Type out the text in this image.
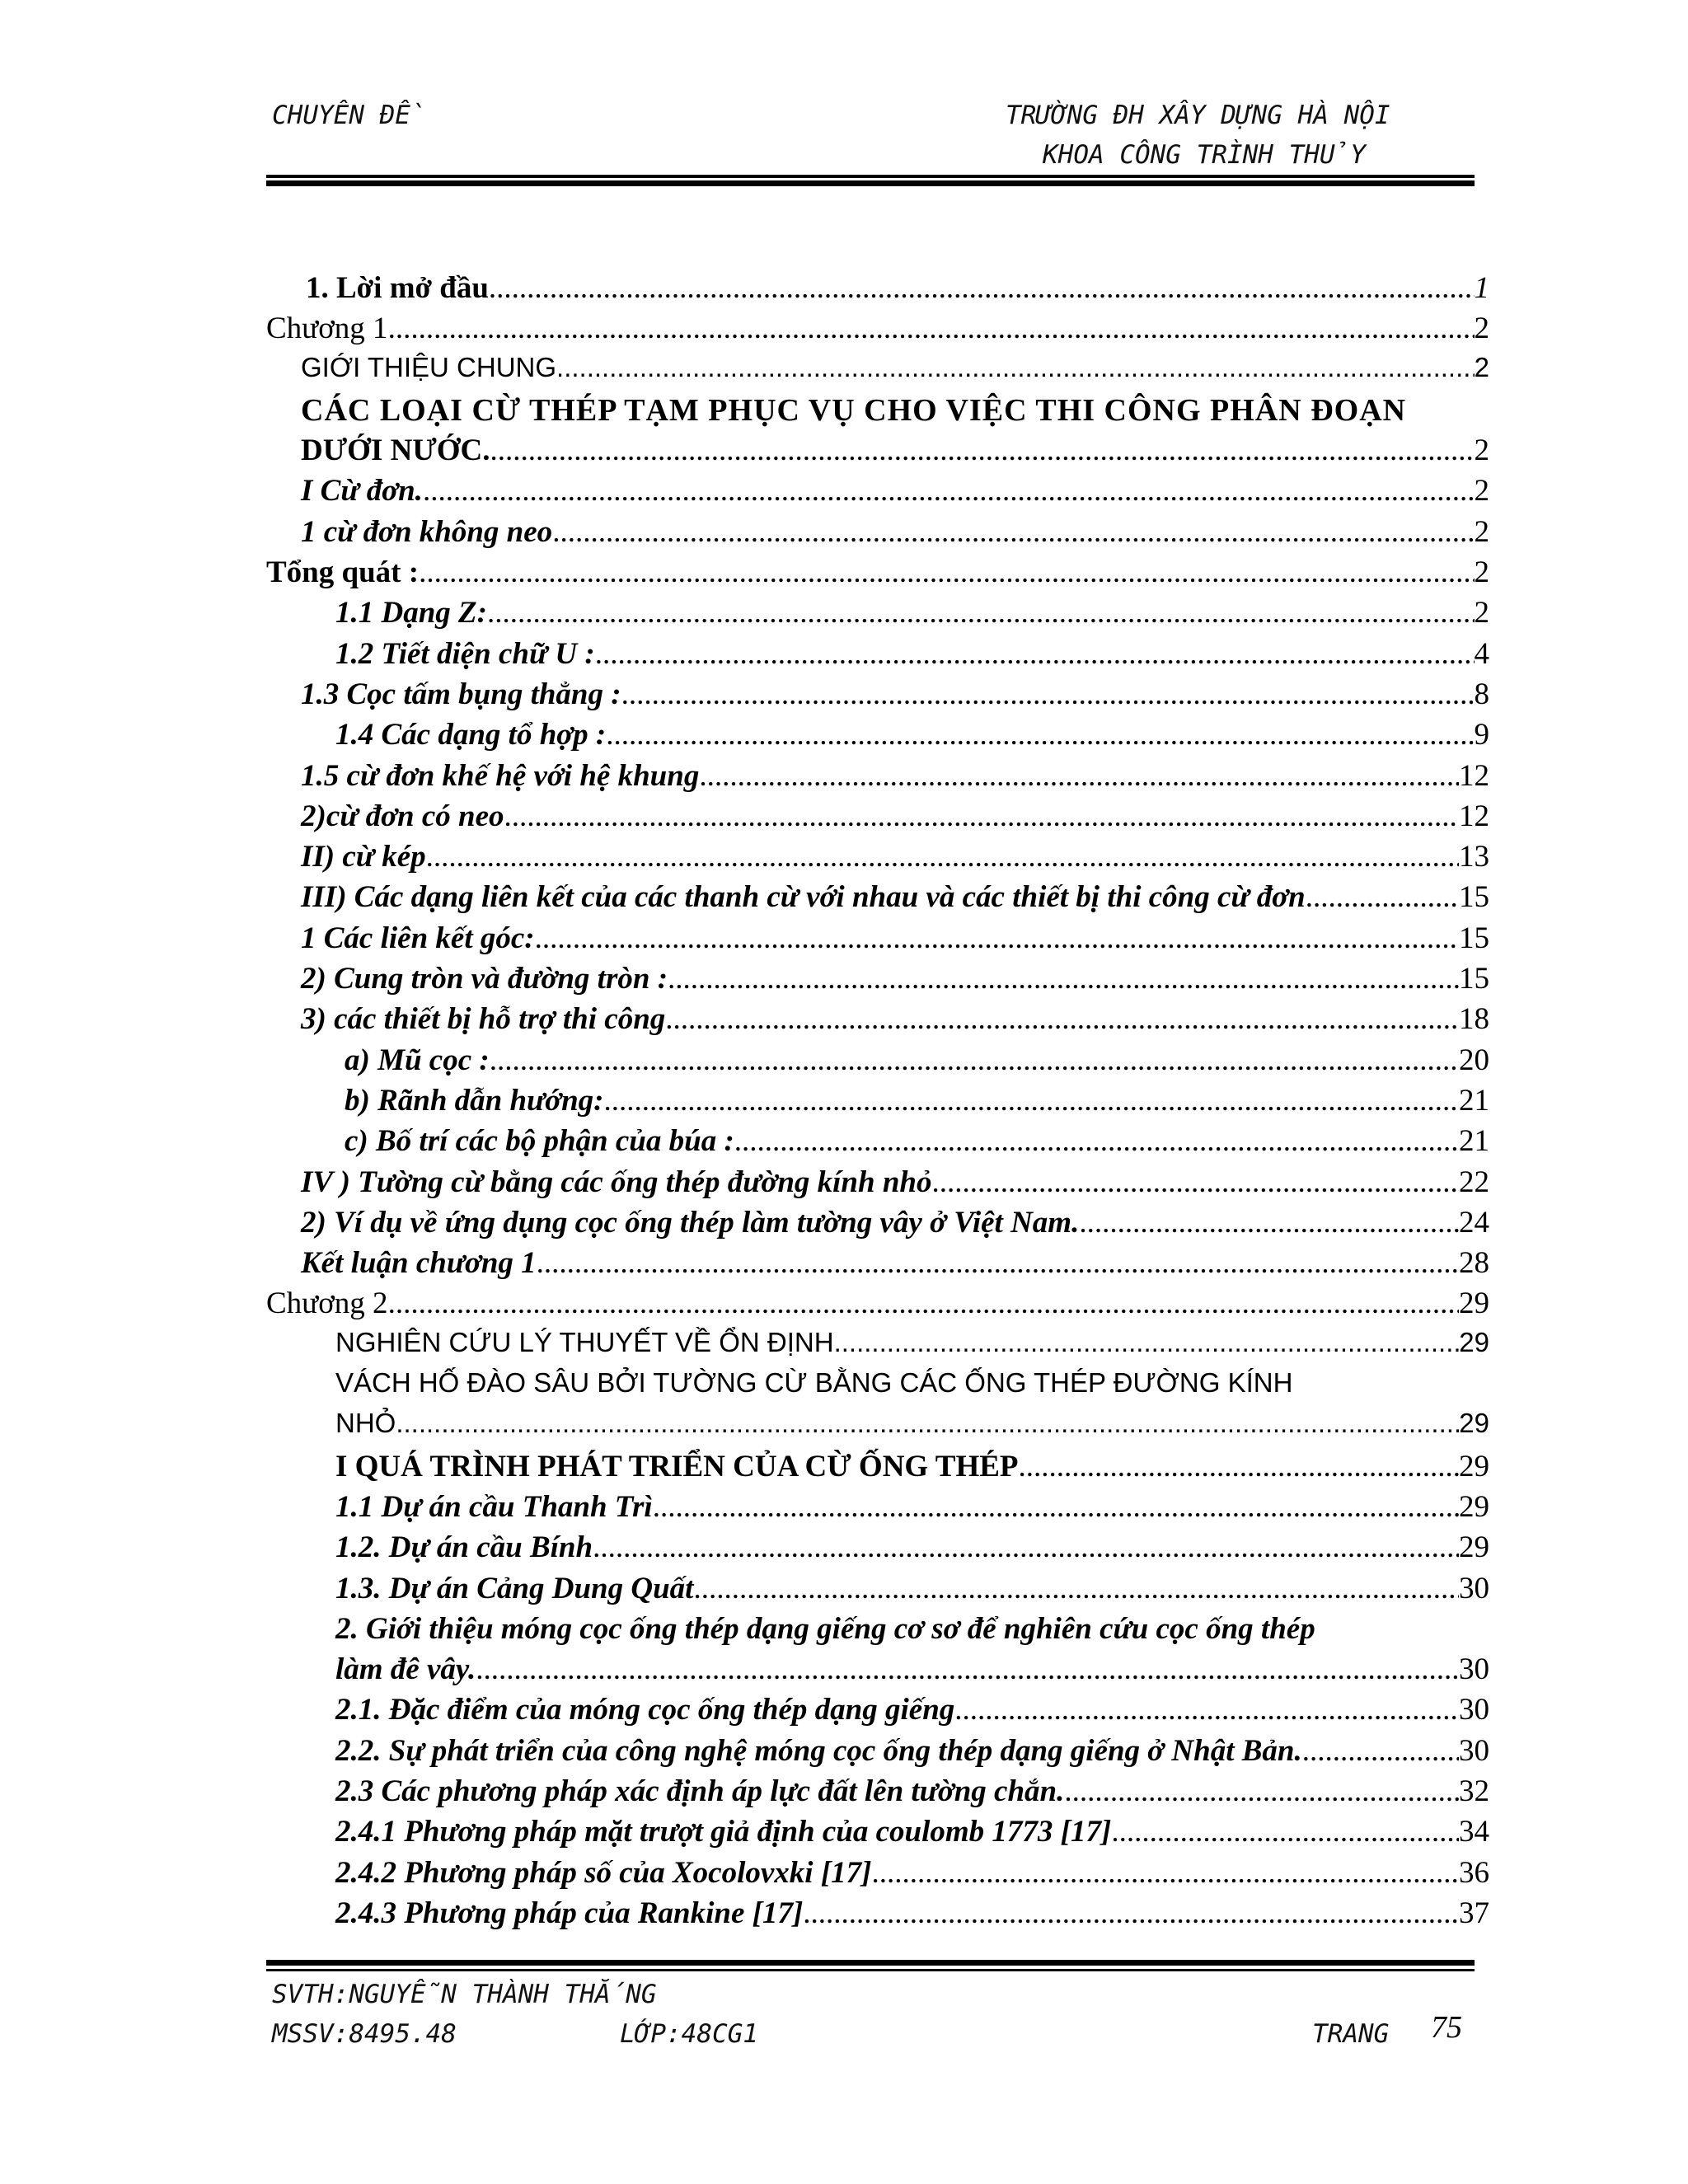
CHUYÊN ĐỀ	TRƯỜNG ĐH XÂY DỰNG HÀ NỘI
KHOA CÔNG TRÌNH THỦY
1. Lời mở đầu .....	1
Chương 1 .....	2
GIỚI THIỆU CHUNG .....	2
CÁC LOẠI CỪ THÉP TẠM PHỤC VỤ CHO VIỆC THI CÔNG PHÂN ĐOẠN
DƯỚI NƯỚC. .....	2
I Cừ đơn. .....	2
1 cừ đơn không neo .....	2
Tổng quát : .....	2
1.1 Dạng Z: .....	2
1.2 Tiết diện chữ U : .....	4
1.3 Cọc tấm bụng thẳng : .....	8
1.4 Các dạng tổ hợp : .....	9
1.5 cừ đơn khế hệ với hệ khung .....	12
2)cừ đơn có neo .....	12
II) cừ kép .....	13
III) Các dạng liên kết của các thanh cừ với nhau và các thiết bị thi công cừ đơn .....	15
1 Các liên kết góc: .....	15
2) Cung tròn và đường tròn : .....	15
3) các thiết bị hỗ trợ thi công .....	18
a) Mũ cọc : .....	20
b) Rãnh dẫn hướng: .....	21
c) Bố trí các bộ phận của búa : .....	21
IV ) Tường cừ bằng các ống thép đường kính nhỏ .....	22
2) Ví dụ về ứng dụng cọc ống thép làm tường vây ở Việt Nam. .....	24
Kết luận chương 1 .....	28
Chương 2 .....	29
NGHIÊN CỨU LÝ THUYẾT VỀ ỔN ĐỊNH .....	29
VÁCH HỐ ĐÀO SÂU BỞI TƯỜNG CỪ BẰNG CÁC ỐNG THÉP ĐƯỜNG KÍNH
NHỎ .....	29
I QUÁ TRÌNH PHÁT TRIỂN CỦA CỪ ỐNG THÉP .....	29
1.1 Dự án cầu Thanh Trì .....	29
1.2. Dự án cầu Bính .....	29
1.3. Dự án Cảng Dung Quất .....	30
2. Giới thiệu móng cọc ống thép dạng giếng cơ sơ để nghiên cứu cọc ống thép
làm đê vây. .....	30
2.1. Đặc điểm của móng cọc ống thép dạng giếng .....	30
2.2. Sự phát triển của công nghệ móng cọc ống thép dạng giếng ở Nhật Bản. .....	30
2.3 Các phương pháp xác định áp lực đất lên tường chắn. .....	32
2.4.1 Phương pháp mặt trượt giả định của coulomb 1773 [17] .....	34
2.4.2 Phương pháp số của Xocolovxki [17] .....	36
2.4.3 Phương pháp của Rankine [17] .....	37
SVTH:NGUYỄN THÀNH THẮNG
MSSV:8495.48	LỚP:48CG1	TRANG 75
